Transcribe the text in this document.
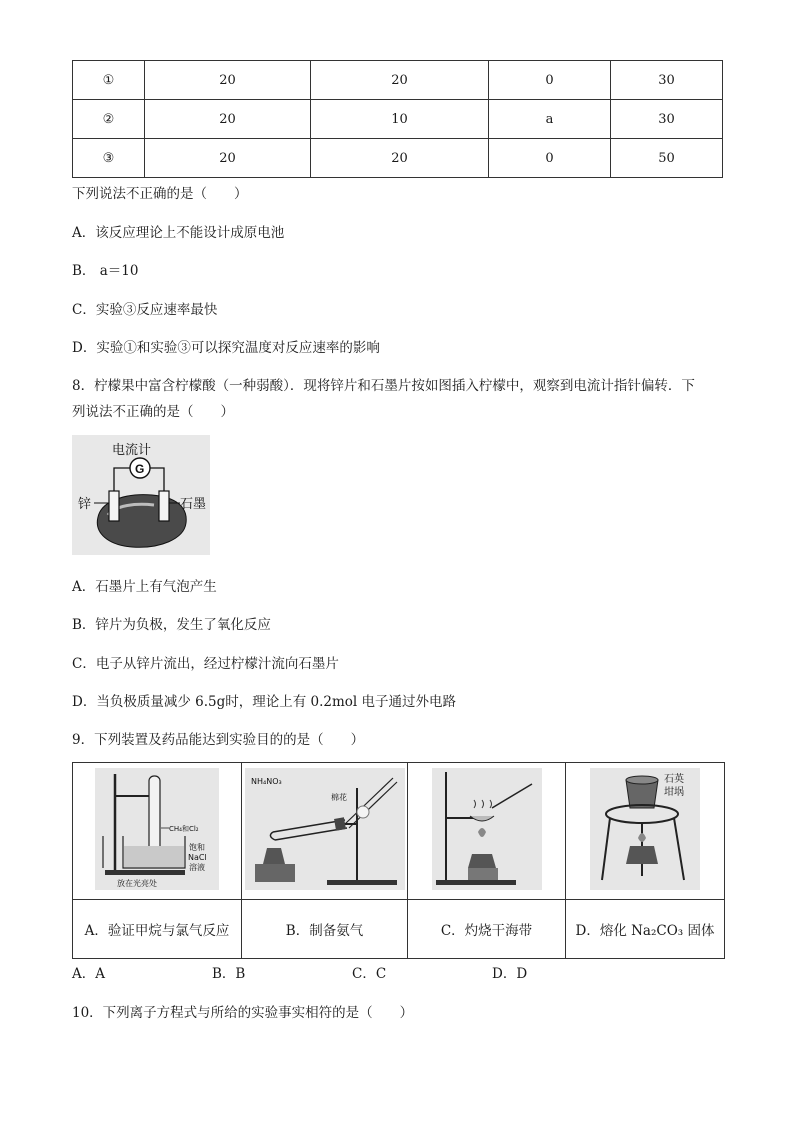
①	20	20	0	30
②	20	10	a	30
③	20	20	0	50
下列说法不正确的是（　　）
A．该反应理论上不能设计成原电池
B． a＝10
C．实验③反应速率最快
D．实验①和实验③可以探究温度对反应速率的影响
8．柠檬果中富含柠檬酸（一种弱酸）．现将锌片和石墨片按如图插入柠檬中，观察到电流计指针偏转．下
列说法不正确的是（　　）
电流计
G
锌	石墨
A．石墨片上有气泡产生
B．锌片为负极，发生了氧化反应
C．电子从锌片流出，经过柠檬汁流向石墨片
D．当负极质量减少 6.5g时，理论上有 0.2mol 电子通过外电路
9．下列装置及药品能达到实验目的的是（　　）
CH₄和Cl₂
饱和
NaCl
溶液
放在光亮处	NH₄NO₃
棉花		石英
坩埚

A．验证甲烷与氯气反应	B．制备氨气	C．灼烧干海带	D．熔化 Na₂CO₃ 固体
A．A	B．B	C．C	D．D
10．下列离子方程式与所给的实验事实相符的是（　　）
